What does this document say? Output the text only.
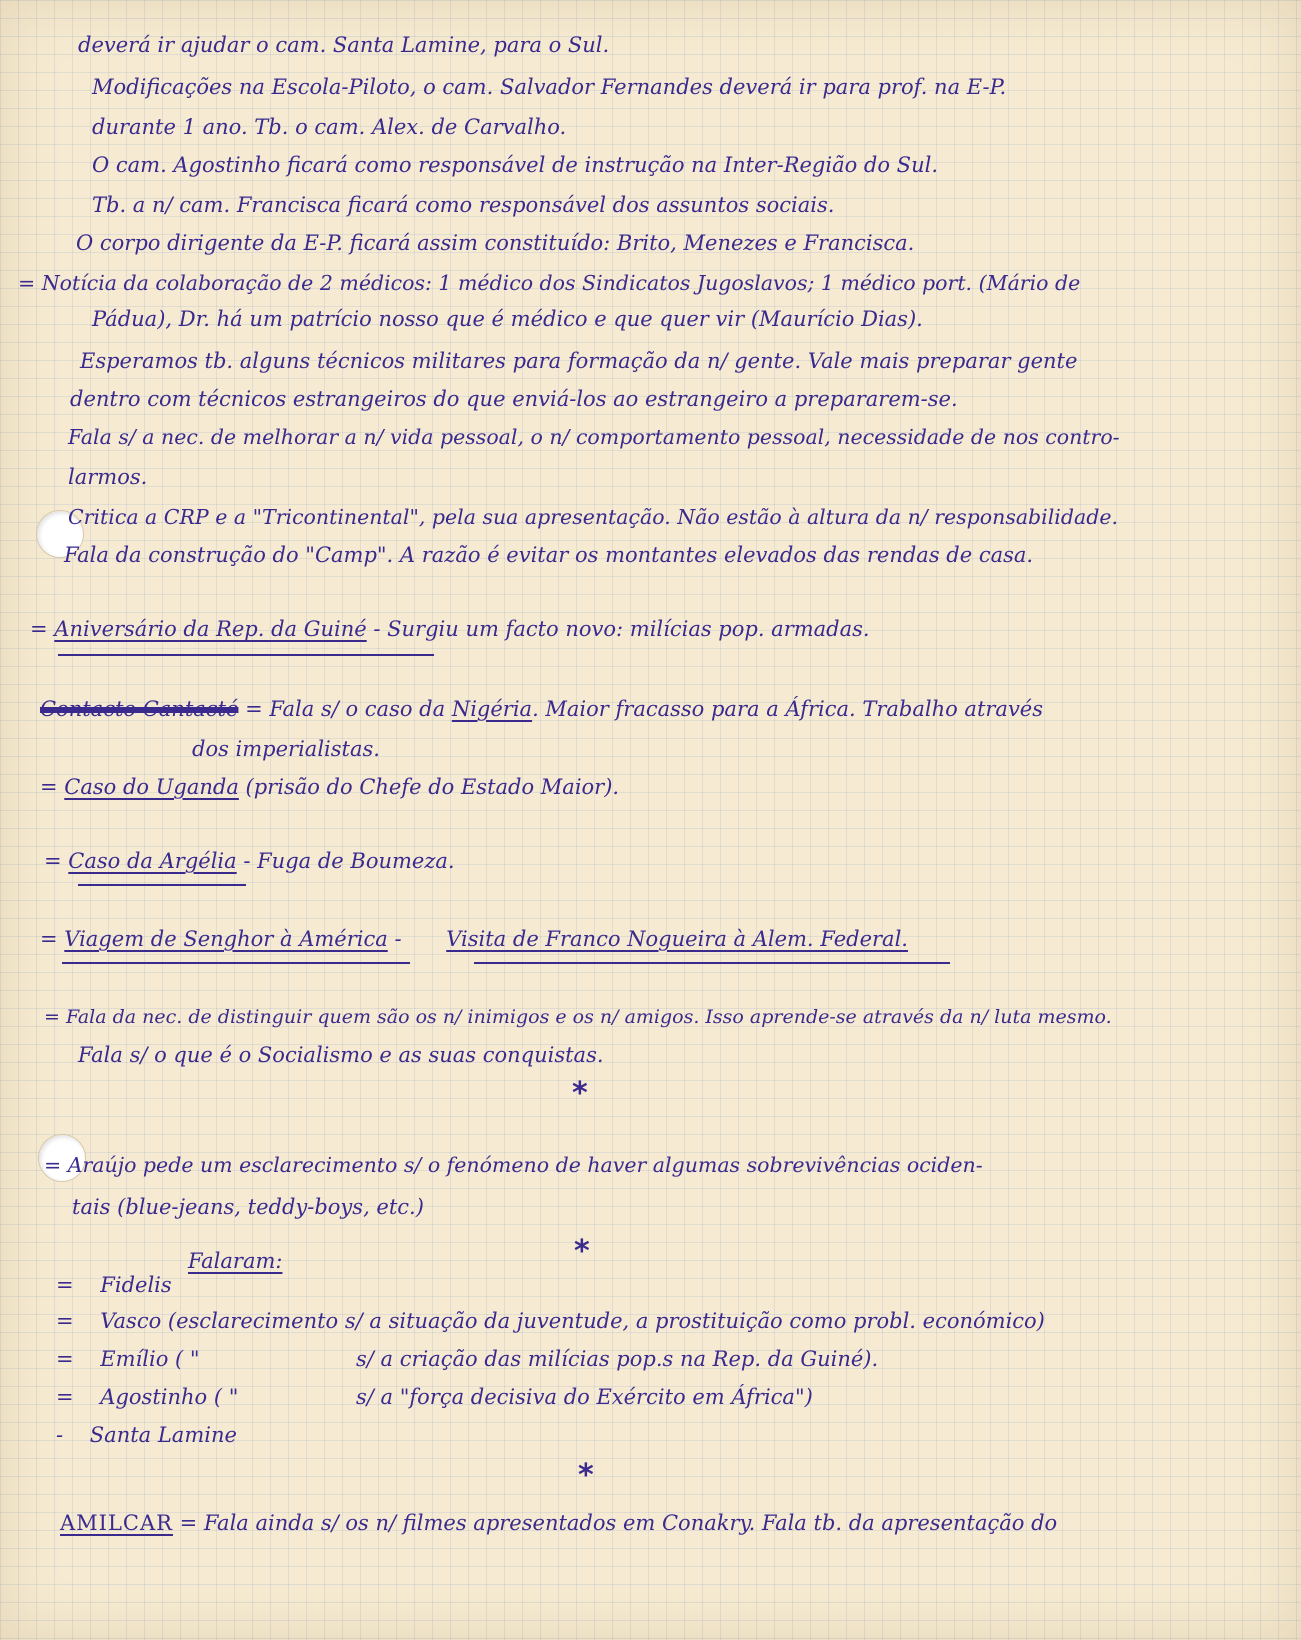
deverá ir ajudar o cam. Santa Lamine, para o Sul.
Modificações na Escola-Piloto, o cam. Salvador Fernandes deverá ir para prof. na E-P.
durante 1 ano. Tb. o cam. Alex. de Carvalho.
O cam. Agostinho ficará como responsável de instrução na Inter-Região do Sul.
Tb. a n/ cam. Francisca ficará como responsável dos assuntos sociais.
O corpo dirigente da E-P. ficará assim constituído: Brito, Menezes e Francisca.
= Notícia da colaboração de 2 médicos: 1 médico dos Sindicatos Jugoslavos; 1 médico port. (Mário de
Pádua), Dr. há um patrício nosso que é médico e que quer vir (Maurício Dias).
Esperamos tb. alguns técnicos militares para formação da n/ gente. Vale mais preparar gente
dentro com técnicos estrangeiros do que enviá-los ao estrangeiro a prepararem-se.
Fala s/ a nec. de melhorar a n/ vida pessoal, o n/ comportamento pessoal, necessidade de nos contro-
larmos.
Critica a CRP e a "Tricontinental", pela sua apresentação. Não estão à altura da n/ responsabilidade.
Fala da construção do "Camp". A razão é evitar os montantes elevados das rendas de casa.
= Aniversário da Rep. da Guiné - Surgiu um facto novo: milícias pop. armadas.
Contacto Cantacté = Fala s/ o caso da Nigéria. Maior fracasso para a África. Trabalho através
dos imperialistas.
= Caso do Uganda (prisão do Chefe do Estado Maior).
= Caso da Argélia - Fuga de Boumeza.
= Viagem de Senghor à América - Visita de Franco Nogueira à Alem. Federal.
= Fala da nec. de distinguir quem são os n/ inimigos e os n/ amigos. Isso aprende-se através da n/ luta mesmo.
Fala s/ o que é o Socialismo e as suas conquistas.
*
= Araújo pede um esclarecimento s/ o fenómeno de haver algumas sobrevivências ociden-
tais (blue-jeans, teddy-boys, etc.)
*
Falaram:
= Fidelis
= Vasco (esclarecimento s/ a situação da juventude, a prostituição como probl. económico)
= Emílio ( "	s/ a criação das milícias pop.s na Rep. da Guiné).
= Agostinho ( "	s/ a "força decisiva do Exército em África")
- Santa Lamine
*
AMILCAR = Fala ainda s/ os n/ filmes apresentados em Conakry. Fala tb. da apresentação do
